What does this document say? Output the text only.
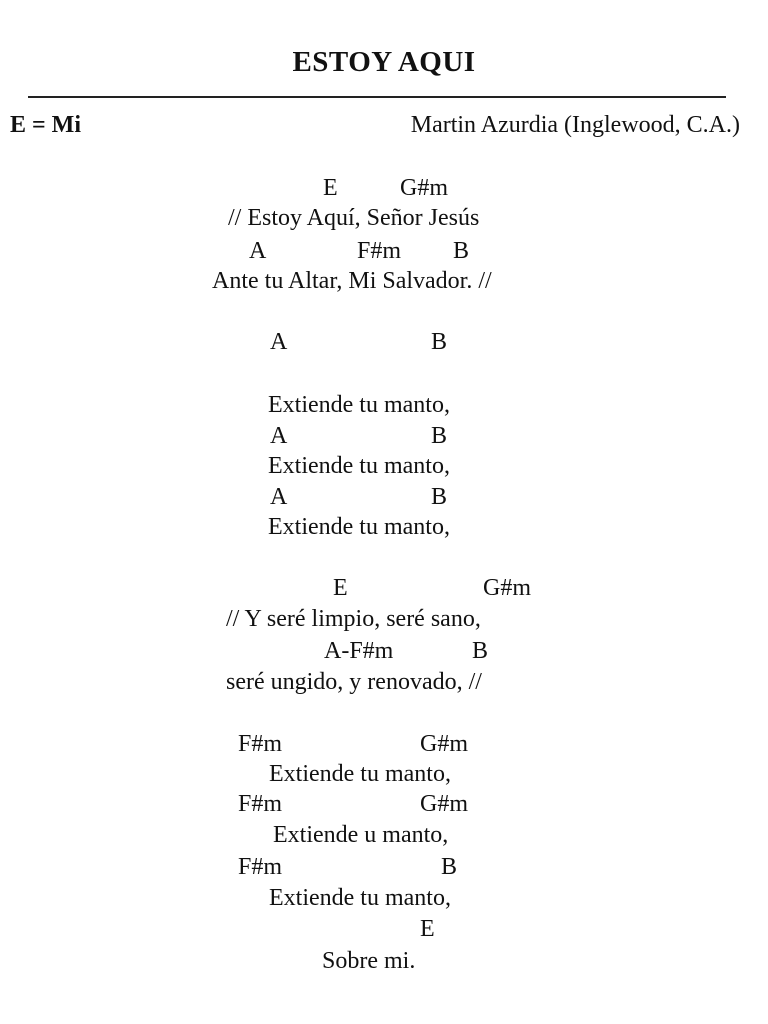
ESTOY AQUI
E = Mi	Martin Azurdia (Inglewood, C.A.)
E	G#m
// Estoy Aquí, Señor Jesús
A	F#m B
Ante tu Altar, Mi Salvador. //
A	B
Extiende tu manto,
A	B
Extiende tu manto,
A	B
Extiende tu manto,
E	G#m
// Y seré limpio, seré sano,
A-F#m	B
seré ungido, y renovado, //
F#m	G#m
Extiende tu manto,
F#m	G#m
Extiende u manto,
F#m	B
Extiende tu manto,
E
Sobre mi.
